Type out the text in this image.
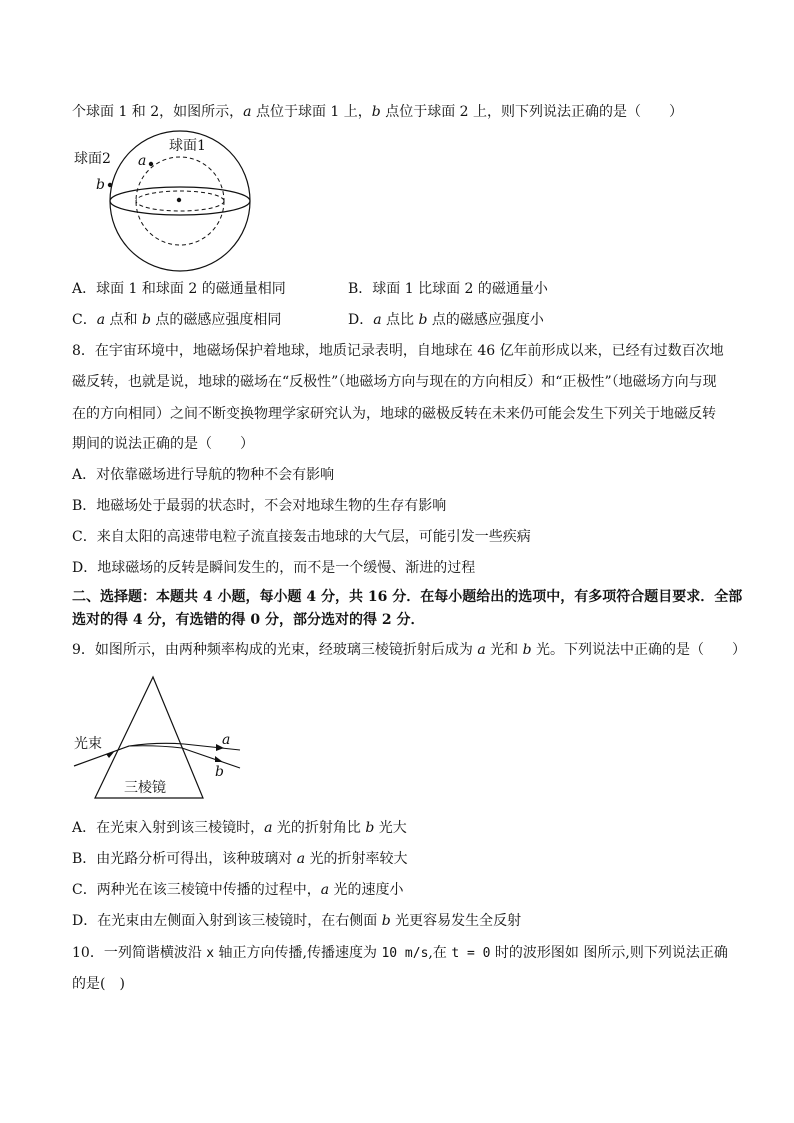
个球面 1 和 2，如图所示，a 点位于球面 1 上，b 点位于球面 2 上，则下列说法正确的是（　　）
球面2
球面1
a
b
A．球面 1 和球面 2 的磁通量相同	B．球面 1 比球面 2 的磁通量小
C．a 点和 b 点的磁感应强度相同	D．a 点比 b 点的磁感应强度小
8．在宇宙环境中，地磁场保护着地球，地质记录表明，自地球在 46 亿年前形成以来，已经有过数百次地
磁反转，也就是说，地球的磁场在“反极性”（地磁场方向与现在的方向相反）和“正极性”（地磁场方向与现
在的方向相同）之间不断变换物理学家研究认为，地球的磁极反转在未来仍可能会发生下列关于地磁反转
期间的说法正确的是（　　）
A．对依靠磁场进行导航的物种不会有影响
B．地磁场处于最弱的状态时，不会对地球生物的生存有影响
C．来自太阳的高速带电粒子流直接轰击地球的大气层，可能引发一些疾病
D．地球磁场的反转是瞬间发生的，而不是一个缓慢、渐进的过程
二、选择题：本题共 4 小题，每小题 4 分，共 16 分．在每小题给出的选项中，有多项符合题目要求．全部
选对的得 4 分，有选错的得 0 分，部分选对的得 2 分．
9．如图所示，由两种频率构成的光束，经玻璃三棱镜折射后成为 a 光和 b 光。下列说法中正确的是（　　）
光束
三棱镜
a
b
A．在光束入射到该三棱镜时，a 光的折射角比 b 光大
B．由光路分析可得出，该种玻璃对 a 光的折射率较大
C．两种光在该三棱镜中传播的过程中，a 光的速度小
D．在光束由左侧面入射到该三棱镜时，在右侧面 b 光更容易发生全反射
10．一列简谐横波沿 x 轴正方向传播,传播速度为 10 m/s,在 t = 0 时的波形图如 图所示,则下列说法正确
的是(　)
